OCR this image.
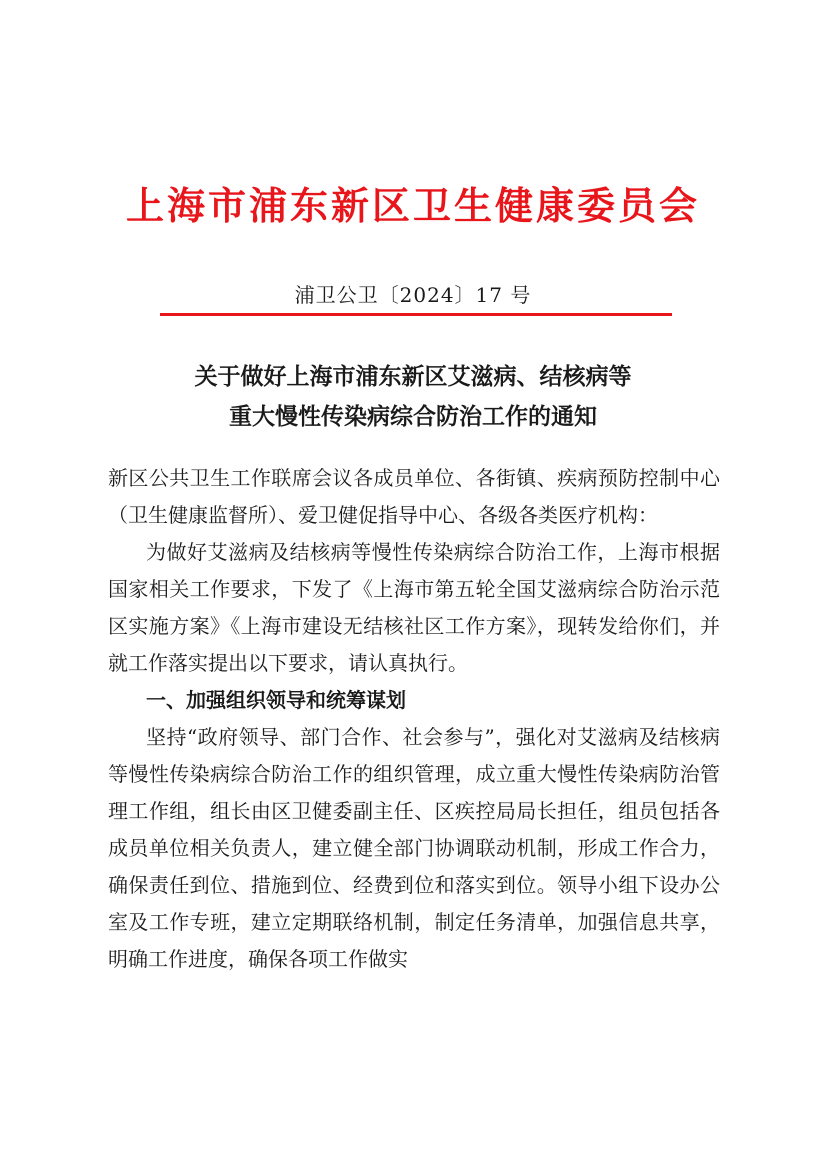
上海市浦东新区卫生健康委员会
浦卫公卫〔2024〕17 号
关于做好上海市浦东新区艾滋病、结核病等
重大慢性传染病综合防治工作的通知

新区公共卫生工作联席会议各成员单位、各街镇、疾病预防控制中心（卫生健康监督所）、爱卫健促指导中心、各级各类医疗机构：

为做好艾滋病及结核病等慢性传染病综合防治工作，上海市根据国家相关工作要求，下发了《上海市第五轮全国艾滋病综合防治示范区实施方案》《上海市建设无结核社区工作方案》，现转发给你们，并就工作落实提出以下要求，请认真执行。

一、加强组织领导和统筹谋划

坚持“政府领导、部门合作、社会参与”，强化对艾滋病及结核病等慢性传染病综合防治工作的组织管理，成立重大慢性传染病防治管理工作组，组长由区卫健委副主任、区疾控局局长担任，组员包括各成员单位相关负责人，建立健全部门协调联动机制，形成工作合力，确保责任到位、措施到位、经费到位和落实到位。领导小组下设办公室及工作专班，建立定期联络机制，制定任务清单，加强信息共享，明确工作进度，确保各项工作做实
